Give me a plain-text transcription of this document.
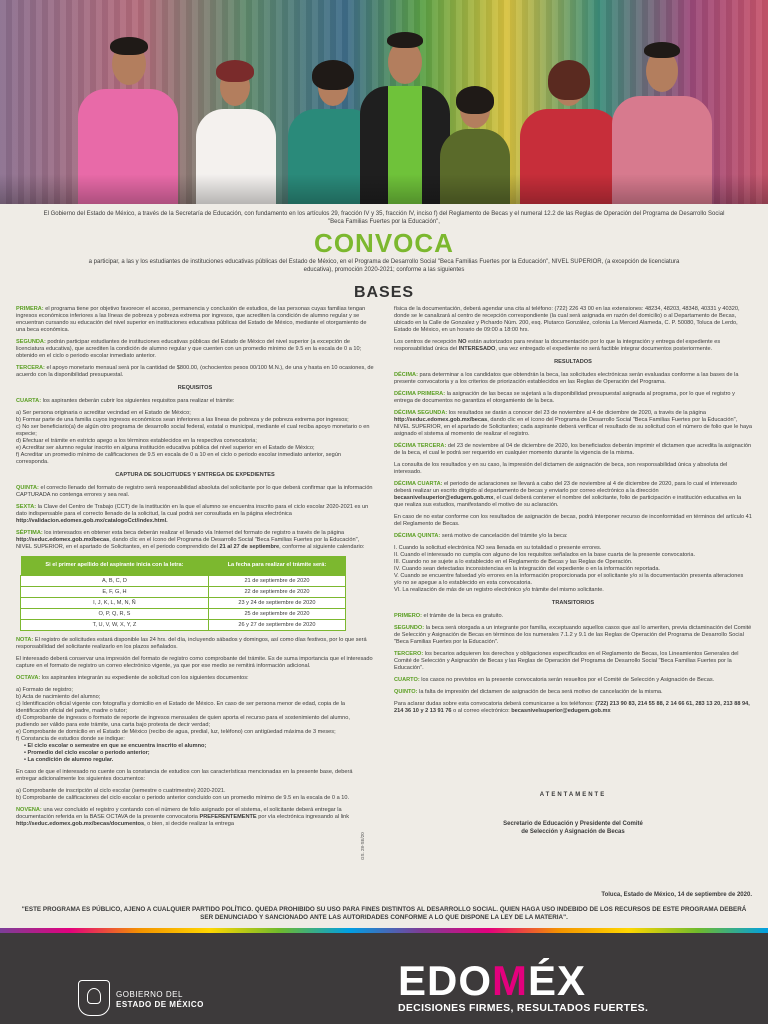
El Gobierno del Estado de México, a través de la Secretaría de Educación, con fundamento en los artículos 29, fracción IV y 35, fracción IV, inciso f) del Reglamento de Becas y el numeral 12.2 de las Reglas de Operación del Programa de Desarrollo Social "Beca Familias Fuertes por la Educación",
CONVOCA
a participar, a las y los estudiantes de instituciones educativas públicas del Estado de México, en el Programa de Desarrollo Social "Beca Familias Fuertes por la Educación", NIVEL SUPERIOR, (a excepción de licenciatura educativa), promoción 2020-2021; conforme a las siguientes
BASES

PRIMERA: el programa tiene por objetivo favorecer el acceso, permanencia y conclusión de estudios, de las personas cuyas familias tengan ingresos económicos inferiores a las líneas de pobreza y pobreza extrema por ingresos, que acrediten la condición de alumno regular y se encuentran cursando su educación del nivel superior en instituciones educativas públicas del Estado de México, mediante el otorgamiento de una beca económica.

SEGUNDA: podrán participar estudiantes de instituciones educativas públicas del Estado de México del nivel superior (a excepción de licenciatura educativa), que acrediten la condición de alumno regular y que cuenten con un promedio mínimo de 9.5 en la escala de 0 a 10; obtenido en el ciclo o periodo escolar inmediato anterior.

TERCERA: el apoyo monetario mensual será por la cantidad de $800.00, (ochocientos pesos 00/100 M.N.), de una y hasta en 10 ocasiones, de acuerdo con la disponibilidad presupuestal.

REQUISITOS

CUARTA: los aspirantes deberán cubrir los siguientes requisitos para realizar el trámite:

a) Ser persona originaria o acreditar vecindad en el Estado de México;
b) Formar parte de una familia cuyos ingresos económicos sean inferiores a las líneas de pobreza y de pobreza extrema por ingresos;
c) No ser beneficiario(a) de algún otro programa de desarrollo social federal, estatal o municipal, mediante el cual reciba apoyo monetario o en especie;
d) Efectuar el trámite en estricto apego a los términos establecidos en la respectiva convocatoria;
e) Acreditar ser alumno regular inscrito en alguna institución educativa pública del nivel superior en el Estado de México;
f) Acreditar un promedio mínimo de calificaciones de 9.5 en escala de 0 a 10 en el ciclo o periodo escolar inmediato anterior, según corresponda.
CAPTURA DE SOLICITUDES Y ENTREGA DE EXPEDIENTES

QUINTA: el correcto llenado del formato de registro será responsabilidad absoluta del solicitante por lo que deberá confirmar que la información CAPTURADA no contenga errores y sea real.

SEXTA: la Clave del Centro de Trabajo (CCT) de la institución en la que el alumno se encuentra inscrito para el ciclo escolar 2020-2021 es un dato indispensable para el correcto llenado de la solicitud, la cual podrá ser consultada en la página electrónica http://validacion.edomex.gob.mx/catalogoCct/index.html.

SÉPTIMA: los interesados en obtener esta beca deberán realizar el llenado vía Internet del formato de registro a través de la página http://seduc.edomex.gob.mx/becas, dando clic en el ícono del Programa de Desarrollo Social "Beca Familias Fuertes por la Educación", NIVEL SUPERIOR, en el apartado de Solicitantes, en el periodo comprendido del 21 al 27 de septiembre, conforme al siguiente calendario:

Si el primer apellido del aspirante inicia con la letra:	La fecha para realizar el trámite será:
A, B, C, D	21 de septiembre de 2020
E, F, G, H	22 de septiembre de 2020
I, J, K, L, M, N, Ñ	23 y 24 de septiembre de 2020
O, P, Q, R, S	25 de septiembre de 2020
T, U, V, W, X, Y, Z	26 y 27 de septiembre de 2020

NOTA: El registro de solicitudes estará disponible las 24 hrs. del día, incluyendo sábados y domingos, así como días festivos, por lo que será responsabilidad del solicitante realizarlo en los plazos señalados.

El interesado deberá conservar una impresión del formato de registro como comprobante del trámite. Es de suma importancia que el interesado capture en el formato de registro un correo electrónico vigente, ya que por ese medio se remitirá información adicional.

OCTAVA: los aspirantes integrarán su expediente de solicitud con los siguientes documentos:

a) Formato de registro;
b) Acta de nacimiento del alumno;
c) Identificación oficial vigente con fotografía y domicilio en el Estado de México. En caso de ser persona menor de edad, copia de la identificación oficial del padre, madre o tutor;
d) Comprobante de ingresos o formato de reporte de ingresos mensuales de quien aporta el recurso para el sostenimiento del alumno, pudiendo ser válido para este trámite, una carta bajo protesta de decir verdad;
e) Comprobante de domicilio en el Estado de México (recibo de agua, predial, luz, teléfono) con antigüedad máxima de 3 meses;
f) Constancia de estudios donde se indique:
• El ciclo escolar o semestre en que se encuentra inscrito el alumno;
• Promedio del ciclo escolar o periodo anterior;
• La condición de alumno regular.

En caso de que el interesado no cuente con la constancia de estudios con las características mencionadas en la presente base, deberá entregar adicionalmente los siguientes documentos:

a) Comprobante de inscripción al ciclo escolar (semestre o cuatrimestre) 2020-2021.
b) Comprobante de calificaciones del ciclo escolar o periodo anterior concluido con un promedio mínimo de 9.5 en la escala de 0 a 10.

NOVENA: una vez concluido el registro y contando con el número de folio asignado por el sistema, el solicitante deberá entregar la documentación referida en la BASE OCTAVA de la presente convocatoria PREFERENTEMENTE por vía electrónica ingresando al link http://seduc.edomex.gob.mx/becas/documentos, o bien, si decide realizar la entrega

física de la documentación, deberá agendar una cita al teléfono: (722) 226 43 00 en las extensiones: 48234, 48203, 48348, 40331 y 40320, donde se le canalizará al centro de recepción correspondiente (la cual será asignada en razón del domicilio) o al Departamento de Becas, ubicado en la Calle de Gonzalez y Pichardo Núm. 200, esq. Plutarco González, colonia La Merced Alameda, C. P. 50080, Toluca de Lerdo, Estado de México, en un horario de 09:00 a 18:00 hrs.

Los centros de recepción NO están autorizados para revisar la documentación por lo que la integración y entrega del expediente es responsabilidad única del INTERESADO, una vez entregado el expediente no será factible integrar documentos posteriormente.

RESULTADOS

DÉCIMA: para determinar a los candidatos que obtendrán la beca, las solicitudes electrónicas serán evaluadas conforme a las bases de la presente convocatoria y a los criterios de priorización establecidos en las Reglas de Operación del Programa.

DÉCIMA PRIMERA: la asignación de las becas se sujetará a la disponibilidad presupuestal asignada al programa, por lo que el registro y entrega de documentos no garantiza el otorgamiento de la beca.

DÉCIMA SEGUNDA: los resultados se darán a conocer del 23 de noviembre al 4 de diciembre de 2020, a través de la página http://seduc.edomex.gob.mx/becas, dando clic en el ícono del Programa de Desarrollo Social "Beca Familias Fuertes por la Educación", NIVEL SUPERIOR, en el apartado de Solicitantes; cada aspirante deberá verificar el resultado de su solicitud con el número de folio que le haya asignado el sistema al momento de realizar el registro.

DÉCIMA TERCERA: del 23 de noviembre al 04 de diciembre de 2020, los beneficiados deberán imprimir el dictamen que acredita la asignación de la beca, el cual le podrá ser requerido en cualquier momento durante la vigencia de la misma.

La consulta de los resultados y en su caso, la impresión del dictamen de asignación de beca, son responsabilidad única y absoluta del interesado.

DÉCIMA CUARTA: el periodo de aclaraciones se llevará a cabo del 23 de noviembre al 4 de diciembre de 2020, para lo cual el interesado deberá realizar un escrito dirigido al departamento de becas y enviarlo por correo electrónico a la dirección becasnivelsuperior@edugem.gob.mx, el cual deberá contener el nombre del solicitante, folio de participación e institución educativa en la que realiza sus estudios, manifestando el motivo de su aclaración.

En caso de no estar conforme con los resultados de asignación de becas, podrá interponer recurso de inconformidad en términos del artículo 41 del Reglamento de Becas.

DÉCIMA QUINTA: será motivo de cancelación del trámite y/o la beca:

I. Cuando la solicitud electrónica NO sea llenada en su totalidad o presente errores.
II. Cuando el interesado no cumpla con alguno de los requisitos señalados en la base cuarta de la presente convocatoria.
III. Cuando no se sujete a lo establecido en el Reglamento de Becas y las Reglas de Operación.
IV. Cuando sean detectadas inconsistencias en la integración del expediente o en la información reportada.
V. Cuando se encuentre falsedad y/o errores en la información proporcionada por el solicitante y/o si la documentación presenta alteraciones y/o no se apegue a lo establecido en esta convocatoria.
VI. La realización de más de un registro electrónico y/o trámite del mismo solicitante.
TRANSITORIOS

PRIMERO: el trámite de la beca es gratuito.

SEGUNDO: la beca será otorgada a un integrante por familia, exceptuando aquellos casos que así lo ameriten, previa dictaminación del Comité de Selección y Asignación de Becas en términos de los numerales 7.1.2 y 9.1 de las Reglas de Operación del Programa de Desarrollo Social "Beca Familias Fuertes por la Educación".

TERCERO: los becarios adquieren los derechos y obligaciones especificados en el Reglamento de Becas, los Lineamientos Generales del Comité de Selección y Asignación de Becas y las Reglas de Operación del Programa de Desarrollo Social "Beca Familias Fuertes por la Educación".

CUARTO: los casos no previstos en la presente convocatoria serán resueltos por el Comité de Selección y Asignación de Becas.

QUINTO: la falta de impresión del dictamen de asignación de beca será motivo de cancelación de la misma.

Para aclarar dudas sobre esta convocatoria deberá comunicarse a los teléfonos: (722) 213 90 83, 214 55 88, 2 14 66 61, 283 13 20, 213 88 94, 214 36 10 y 2 13 91 76 o al correo electrónico: becasnivelsuperior@edugem.gob.mx

ATENTAMENTE
Secretario de Educación y Presidente del Comité
de Selección y Asignación de Becas
Toluca, Estado de México, 14 de septiembre de 2020.
GS. 28-SE/20
"ESTE PROGRAMA ES PÚBLICO, AJENO A CUALQUIER PARTIDO POLÍTICO. QUEDA PROHIBIDO SU USO PARA FINES DISTINTOS AL DESARROLLO SOCIAL. QUIEN HAGA USO INDEBIDO DE LOS RECURSOS DE ESTE PROGRAMA DEBERÁ SER DENUNCIADO Y SANCIONADO ANTE LAS AUTORIDADES CONFORME A LO QUE DISPONE LA LEY DE LA MATERIA".
GOBIERNO DEL
ESTADO DE MÉXICO
EDOMÉX
DECISIONES FIRMES, RESULTADOS FUERTES.
